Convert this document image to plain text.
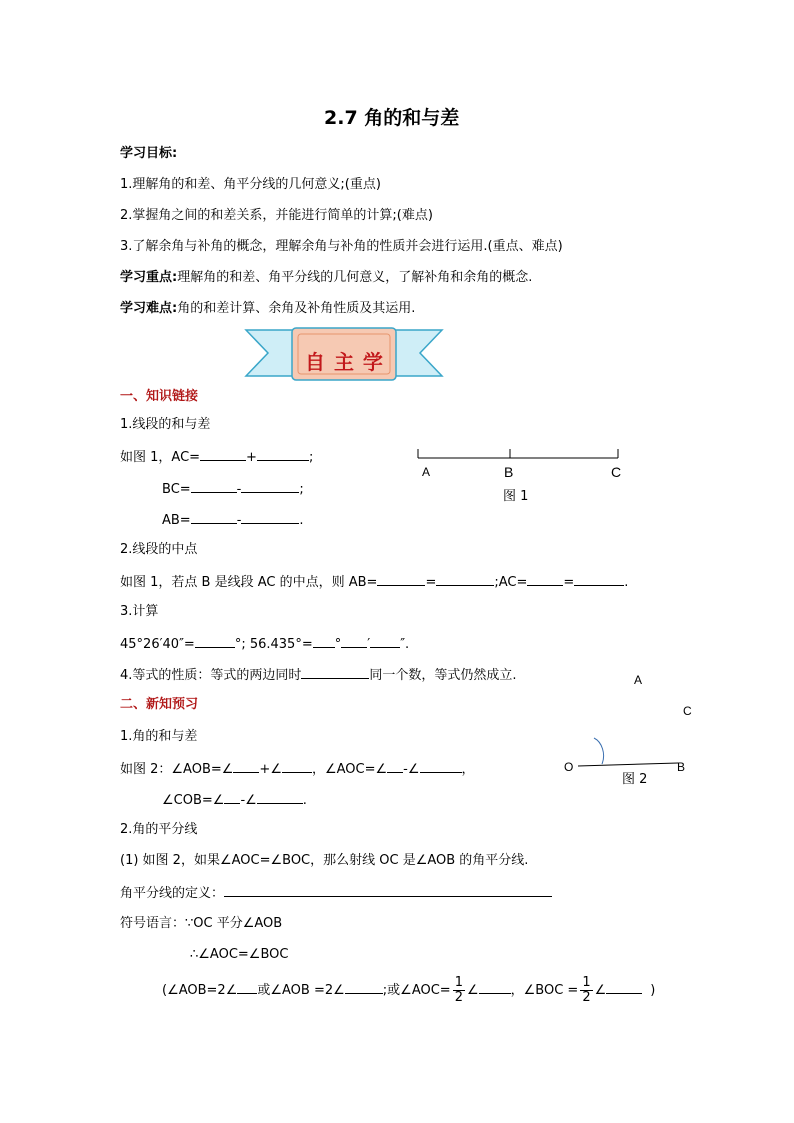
2.7 角的和与差
学习目标:
1.理解角的和差、角平分线的几何意义;(重点)
2.掌握角之间的和差关系，并能进行简单的计算;(难点)
3.了解余角与补角的概念，理解余角与补角的性质并会进行运用.(重点、难点)
学习重点:理解角的和差、角平分线的几何意义，了解补角和余角的概念.
学习难点:角的和差计算、余角及补角性质及其运用.
自 主 学
一、知识链接
1.线段的和与差
如图 1，AC=	+	;
BC=	-	;
AB=	-	.
A	B	C
图 1
2.线段的中点
如图 1，若点 B 是线段 AC 的中点，则 AB=	=	;AC=	=	.
3.计算
45°26′40″=	°; 56.435°= ° ′ ″.
4.等式的性质：等式的两边同时	同一个数，等式仍然成立.
二、新知预习
1.角的和与差
如图 2：∠AOB=∠ +∠ ，∠AOC=∠ -∠	，
∠COB=∠ -∠	.
A
C
O	B
图 2
2.角的平分线
(1) 如图 2，如果∠AOC=∠BOC，那么射线 OC 是∠AOB 的角平分线.
角平分线的定义：
符号语言：∵OC 平分∠AOB
∴∠AOC=∠BOC
(∠AOB=2∠ 或∠AOB =2∠	;或∠AOC= $\frac{1}{2}$ ∠ ，∠BOC = $\frac{1}{2}$ ∠	)
